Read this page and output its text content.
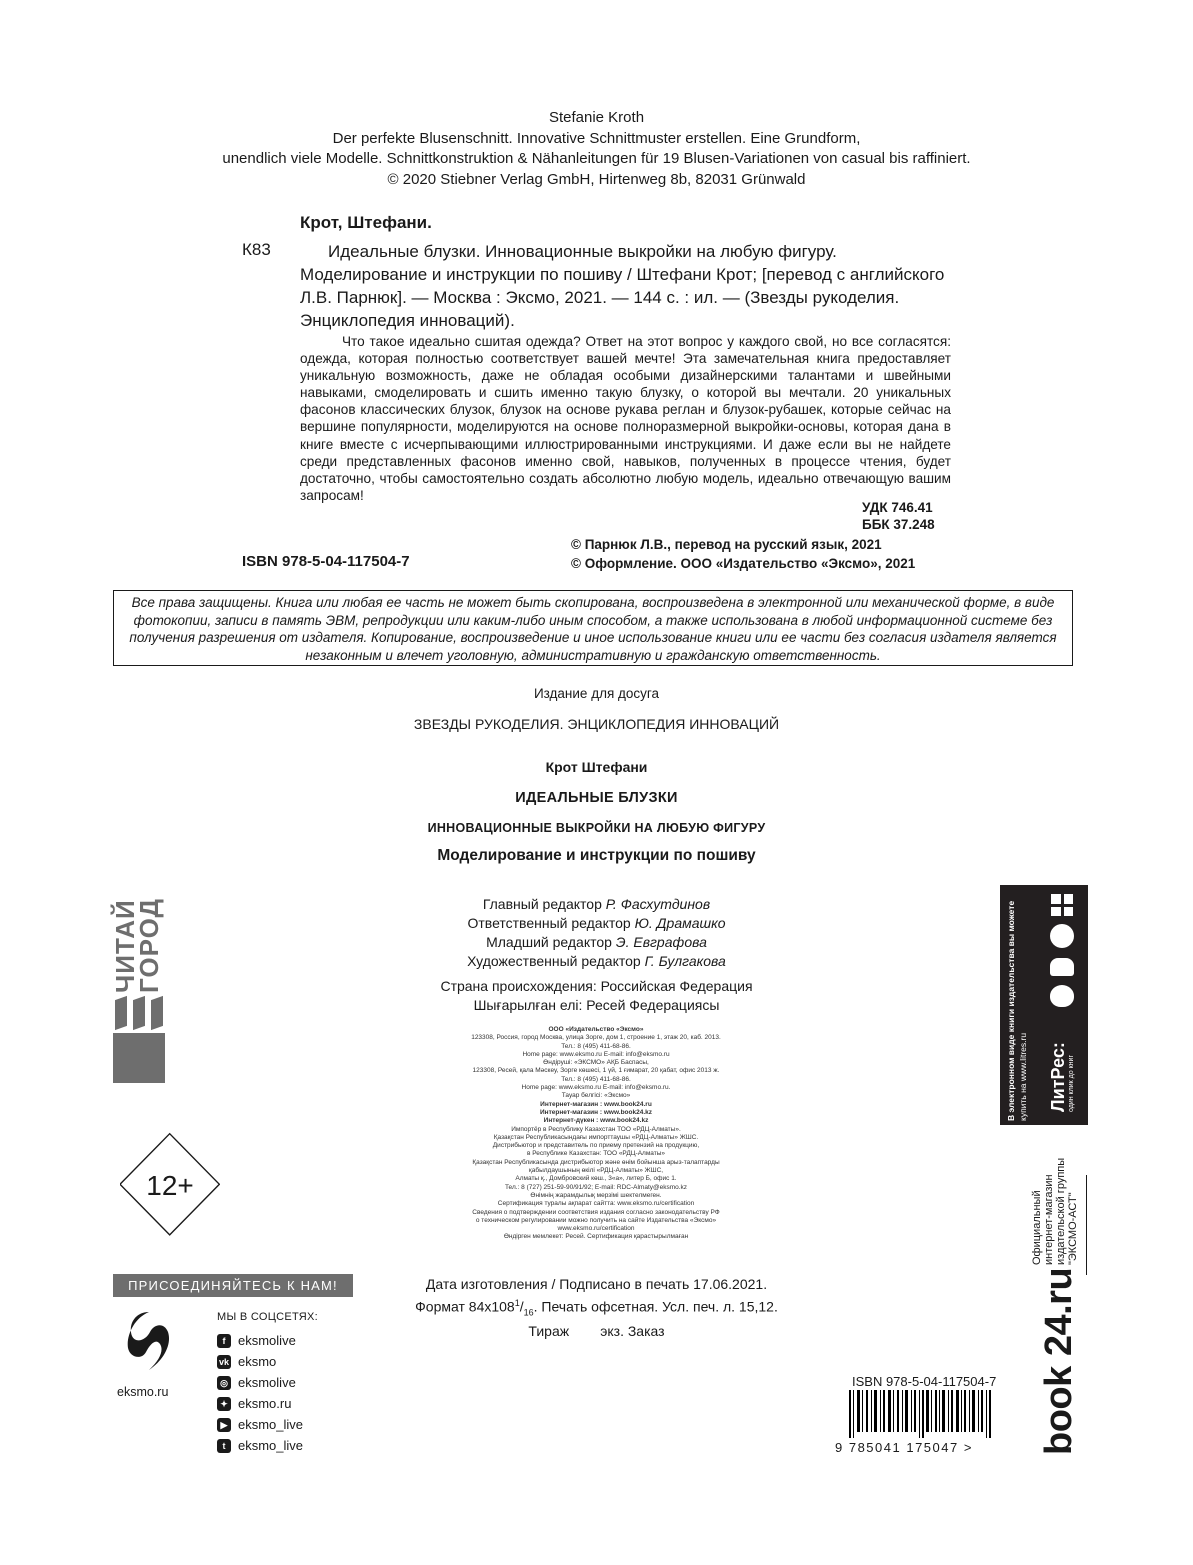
Stefanie Kroth
Der perfekte Blusenschnitt. Innovative Schnittmuster erstellen. Eine Grundform,
unendlich viele Modelle. Schnittkonstruktion & Nähanleitungen für 19 Blusen-Variationen von casual bis raffiniert.
© 2020 Stiebner Verlag GmbH, Hirtenweg 8b, 82031 Grünwald
Крот, Штефани.
К83	Идеальные блузки. Инновационные выкройки на любую фигуру. Моделирование и инструкции по пошиву / Штефани Крот; [перевод с английского Л.В. Парнюк]. — Москва : Эксмо, 2021. — 144 с. : ил. — (Звезды рукоделия. Энциклопедия инноваций).
Что такое идеально сшитая одежда? Ответ на этот вопрос у каждого свой, но все согласятся: одежда, которая полностью соответствует вашей мечте! Эта замечательная книга предоставляет уникальную возможность, даже не обладая особыми дизайнерскими талантами и швейными навыками, смоделировать и сшить именно такую блузку, о которой вы мечтали. 20 уникальных фасонов классических блузок, блузок на основе рукава реглан и блузок-рубашек, которые сейчас на вершине популярности, моделируются на основе полноразмерной выкройки-основы, которая дана в книге вместе с исчерпывающими иллюстрированными инструкциями. И даже если вы не найдете среди представленных фасонов именно свой, навыков, полученных в процессе чтения, будет достаточно, чтобы самостоятельно создать абсолютно любую модель, идеально отвечающую вашим запросам!
УДК 746.41
ББК 37.248
© Парнюк Л.В., перевод на русский язык, 2021
© Оформление. ООО «Издательство «Эксмо», 2021
ISBN 978-5-04-117504-7
Все права защищены. Книга или любая ее часть не может быть скопирована, воспроизведена в электронной или механической форме, в виде фотокопии, записи в память ЭВМ, репродукции или каким-либо иным способом, а также использована в любой информационной системе без получения разрешения от издателя. Копирование, воспроизведение и иное использование книги или ее части без согласия издателя является незаконным и влечет уголовную, административную и гражданскую ответственность.
Издание для досуга
ЗВЕЗДЫ РУКОДЕЛИЯ. ЭНЦИКЛОПЕДИЯ ИННОВАЦИЙ
Крот Штефани
ИДЕАЛЬНЫЕ БЛУЗКИ
ИННОВАЦИОННЫЕ ВЫКРОЙКИ НА ЛЮБУЮ ФИГУРУ
Моделирование и инструкции по пошиву
Главный редактор Р. Фасхутдинов
Ответственный редактор Ю. Драмашко
Младший редактор Э. Евграфова
Художественный редактор Г. Булгакова
Страна происхождения: Российская Федерация
Шығарылған елі: Ресей Федерациясы
ООО «Издательство «Эксмо»
123308, Россия, город Москва, улица Зорге, дом 1, строение 1, этаж 20, каб. 2013.
Тел.: 8 (495) 411-68-86.
Home page: www.eksmo.ru E-mail: info@eksmo.ru
Өндіруші: «ЭКСМО» АҚБ Баспасы,
123308, Ресей, қала Мәскеу, Зорге көшесі, 1 үй, 1 ғимарат, 20 қабат, офис 2013 ж.
Тел.: 8 (495) 411-68-86.
Home page: www.eksmo.ru E-mail: info@eksmo.ru.
Тауар белгісі: «Эксмо»
Интернет-магазин : www.book24.ru
Интернет-магазин : www.book24.kz
Интернет-дүкен : www.book24.kz
Импортёр в Республику Казахстан ТОО «РДЦ-Алматы».
Қазақстан Республикасындағы импорттаушы «РДЦ-Алматы» ЖШС.
Дистрибьютор и представитель по приему претензий на продукцию,
в Республике Казахстан: ТОО «РДЦ-Алматы»
Қазақстан Республикасында дистрибьютор және өнім бойынша арыз-талаптарды
қабылдаушының өкілі «РДЦ-Алматы» ЖШС,
Алматы қ., Домбровский көш., 3«а», литер Б, офис 1.
Тел.: 8 (727) 251-59-90/91/92; E-mail: RDC-Almaty@eksmo.kz
Өнімнің жарамдылық мерзімі шектелмеген.
Сертификация туралы ақпарат сайтта: www.eksmo.ru/certification
Сведения о подтверждении соответствия издания согласно законодательству РФ
о техническом регулировании можно получить на сайте Издательства «Эксмо»
www.eksmo.ru/certification
Өндірген мемлекет: Ресей. Сертификация қарастырылмаған
Дата изготовления / Подписано в печать 17.06.2021.
Формат $84x108^1/_{16}$. Печать офсетная. Усл. печ. л. 15,12.
Тираж        экз. Заказ
ЧИТАЙ ГОРОД
12+
ПРИСОЕДИНЯЙТЕСЬ К НАМ!
eksmo.ru
МЫ В СОЦСЕТЯХ:
f eksmolive
vk eksmo
◎ eksmolive
✦ eksmo.ru
▶ eksmo_live
t eksmo_live
В электронном виде книги издательства вы можете купить на www.litres.ru ЛитРес: один клик до книг
Официальный интернет-магазин издательской группы "ЭКСМО-АСТ"
book 24.ru
ISBN 978-5-04-117504-7
9 785041 175047 >
